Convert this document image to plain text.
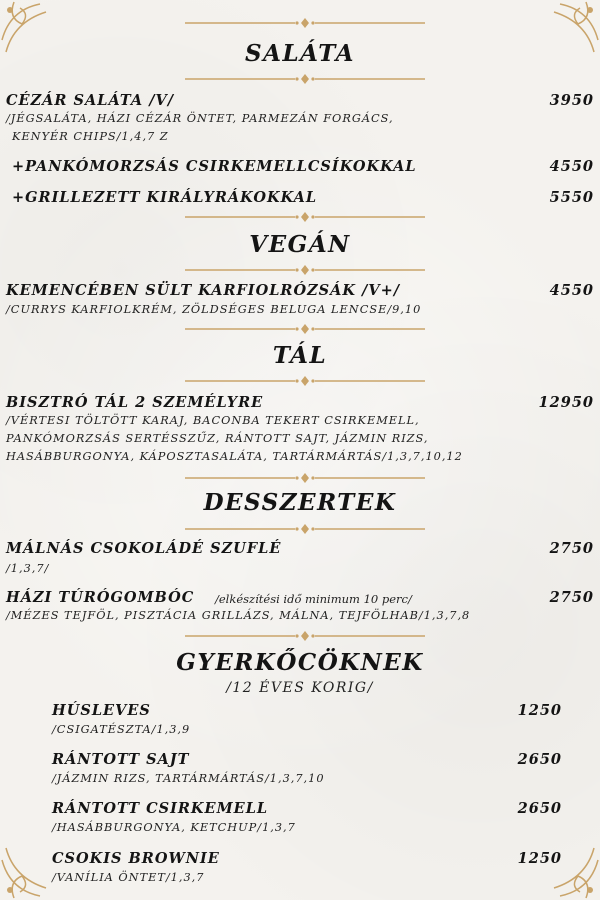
SALÁTA
CÉZÁR SALÁTA /V/	3950
/JÉGSALÁTA, HÁZI CÉZÁR ÖNTET, PARMEZÁN FORGÁCS,
KENYÉR CHIPS/1,4,7 Z
+PANKÓMORZSÁS CSIRKEMELLCSÍKOKKAL	4550
+GRILLEZETT KIRÁLYRÁKOKKAL	5550
VEGÁN
KEMENCÉBEN SÜLT KARFIOLRÓZSÁK /V+/	4550
/CURRYS KARFIOLKRÉM, ZÖLDSÉGES BELUGA LENCSE/9,10
TÁL
BISZTRÓ TÁL 2 SZEMÉLYRE	12950
/VÉRTESI TÖLTÖTT KARAJ, BACONBA TEKERT CSIRKEMELL,
PANKÓMORZSÁS SERTÉSSZŰZ, RÁNTOTT SAJT, JÁZMIN RIZS,
HASÁBBURGONYA, KÁPOSZTASALÁTA, TARTÁRMÁRTÁS/1,3,7,10,12
DESSZERTEK
MÁLNÁS CSOKOLÁDÉ SZUFLÉ	2750
/1,3,7/
HÁZI TÚRÓGOMBÓC /elkészítési idő minimum 10 perc/	2750
/MÉZES TEJFÖL, PISZTÁCIA GRILLÁZS, MÁLNA, TEJFÖLHAB/1,3,7,8
GYERKŐCÖKNEK
/12 ÉVES KORIG/
HÚSLEVES	1250
/CSIGATÉSZTA/1,3,9
RÁNTOTT SAJT	2650
/JÁZMIN RIZS, TARTÁRMÁRTÁS/1,3,7,10
RÁNTOTT CSIRKEMELL	2650
/HASÁBBURGONYA, KETCHUP/1,3,7
CSOKIS BROWNIE	1250
/VANÍLIA ÖNTET/1,3,7
